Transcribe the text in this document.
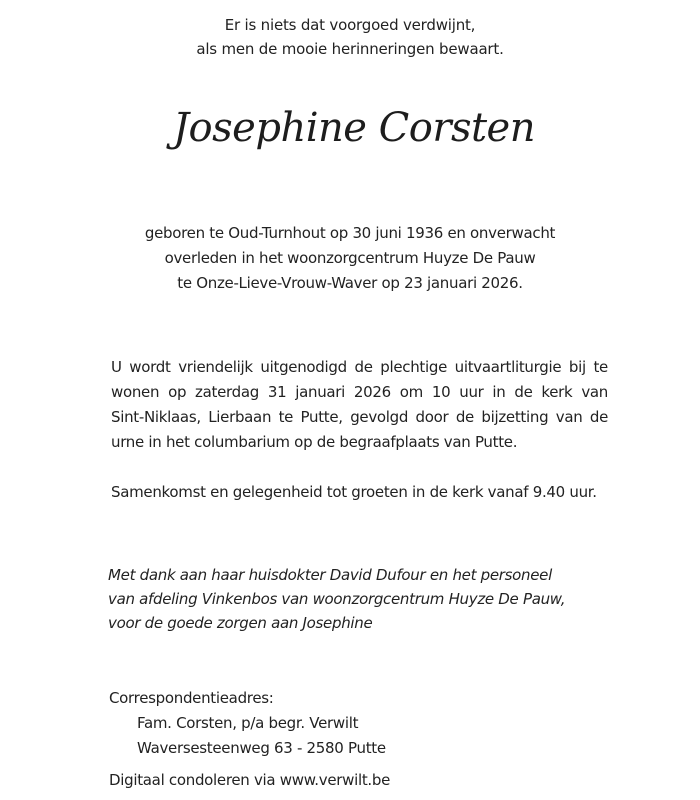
Er is niets dat voorgoed verdwijnt,
als men de mooie herinneringen bewaart.
Josephine Corsten
geboren te Oud-Turnhout op 30 juni 1936 en onverwacht
overleden in het woonzorgcentrum Huyze De Pauw
te Onze-Lieve-Vrouw-Waver op 23 januari 2026.
U wordt vriendelijk uitgenodigd de plechtige uitvaartliturgie bij te
wonen op zaterdag 31 januari 2026 om 10 uur in de kerk van
Sint-Niklaas, Lierbaan te Putte, gevolgd door de bijzetting van de
urne in het columbarium op de begraafplaats van Putte.
Samenkomst en gelegenheid tot groeten in de kerk vanaf 9.40 uur.
Met dank aan haar huisdokter David Dufour en het personeel
van afdeling Vinkenbos van woonzorgcentrum Huyze De Pauw,
voor de goede zorgen aan Josephine
Correspondentieadres:
Fam. Corsten, p/a begr. Verwilt
Waversesteenweg 63 - 2580 Putte
Digitaal condoleren via www.verwilt.be
